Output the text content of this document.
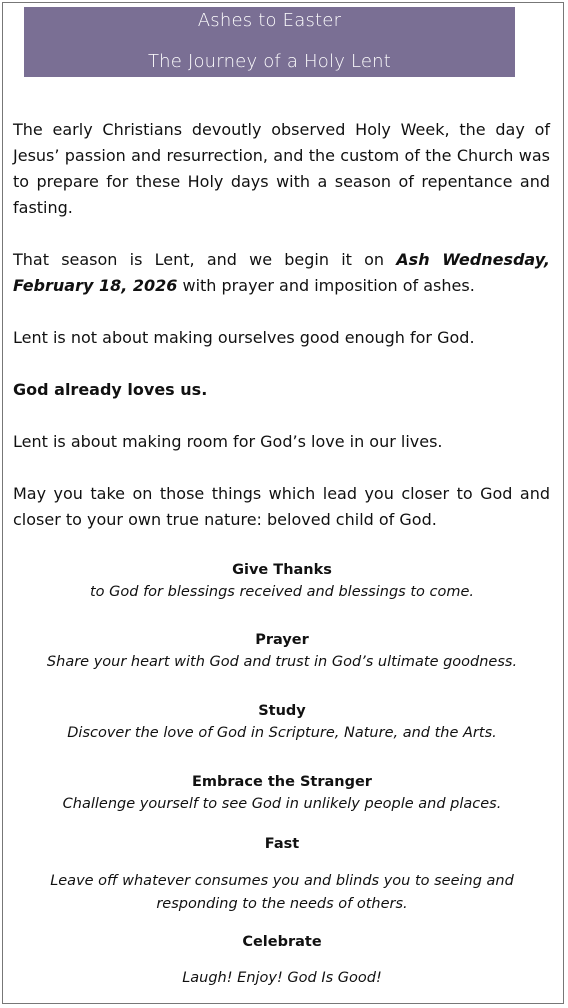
Ashes to Easter
The Journey of a Holy Lent

The early Christians devoutly observed Holy Week, the day of Jesus’ passion and resurrection, and the custom of the Church was to prepare for these Holy days with a season of repentance and fasting.

That season is Lent, and we begin it on Ash Wednesday, February 18, 2026 with prayer and imposition of ashes.

Lent is not about making ourselves good enough for God.

God already loves us.

Lent is about making room for God’s love in our lives.

May you take on those things which lead you closer to God and closer to your own true nature: beloved child of God.

Give Thanks
to God for blessings received and blessings to come.
Prayer
Share your heart with God and trust in God’s ultimate goodness.
Study
Discover the love of God in Scripture, Nature, and the Arts.
Embrace the Stranger
Challenge yourself to see God in unlikely people and places.
Fast
Leave off whatever consumes you and blinds you to seeing and responding to the needs of others.
Celebrate
Laugh! Enjoy! God Is Good!
